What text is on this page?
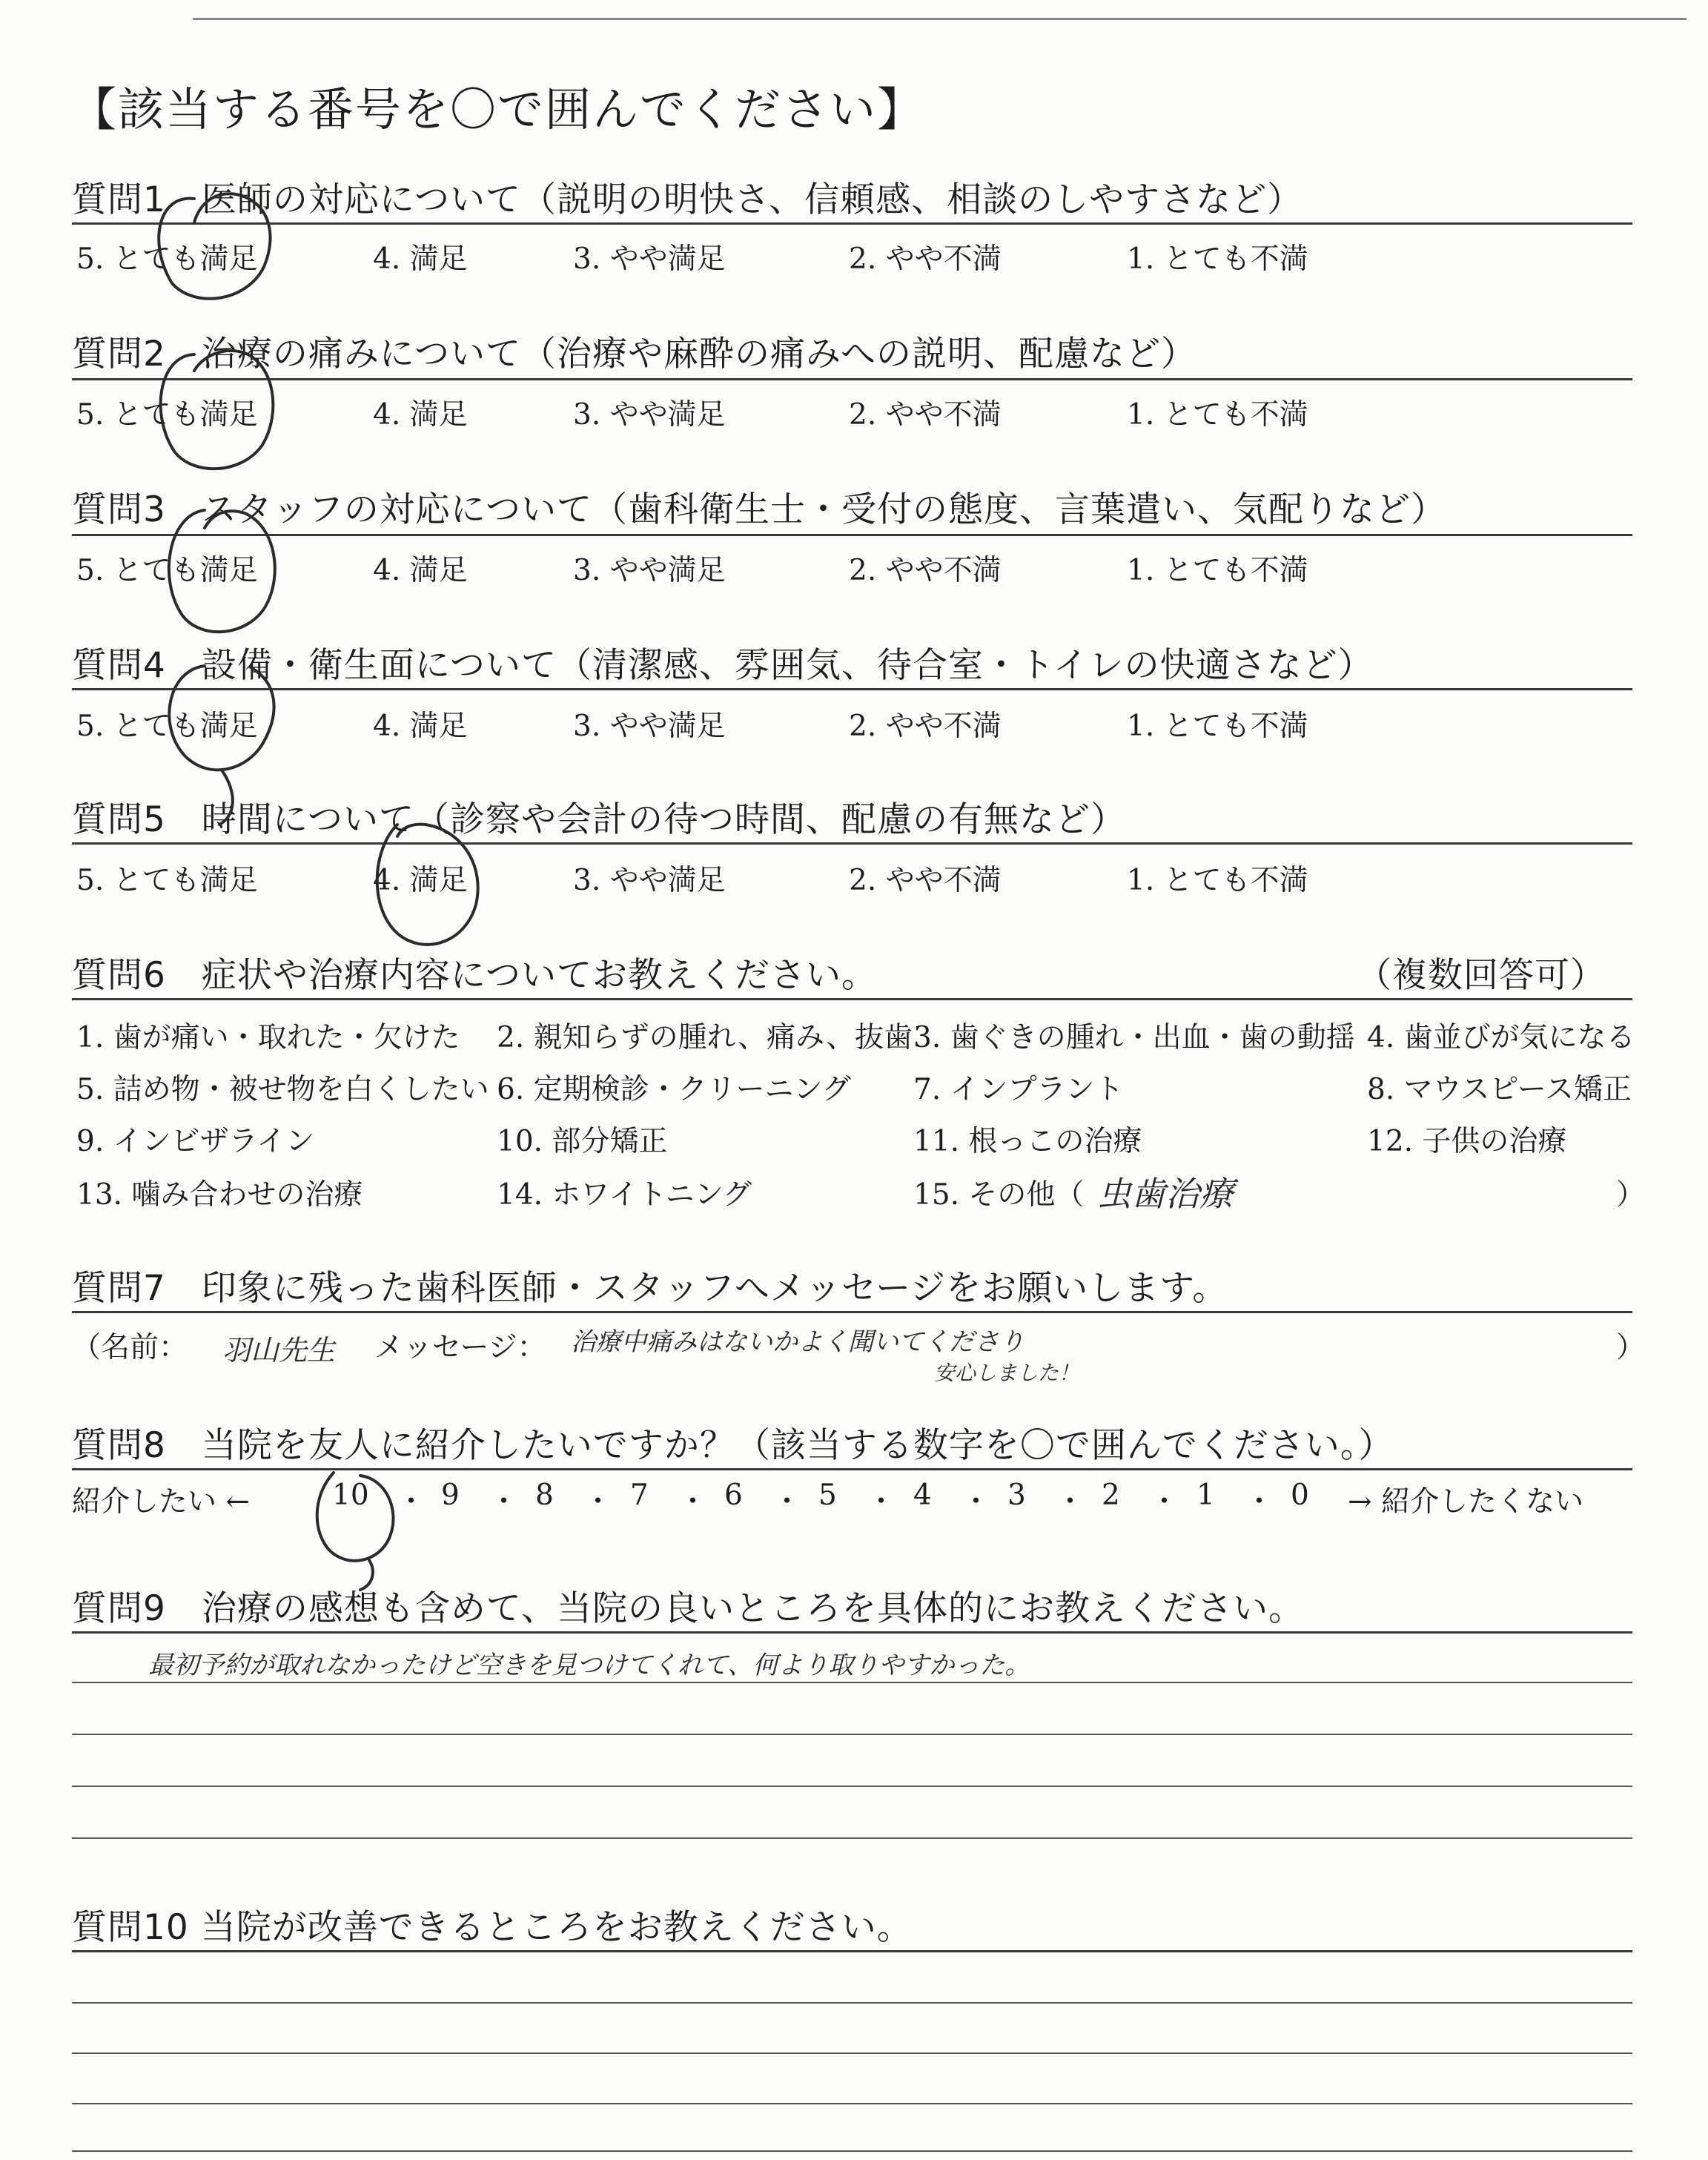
【該当する番号を〇で囲んでください】
質問1　医師の対応について（説明の明快さ、信頼感、相談のしやすさなど）
5. とても満足	4. 満足	3. やや満足	2. やや不満	1. とても不満
質問2　治療の痛みについて（治療や麻酔の痛みへの説明、配慮など）
5. とても満足	4. 満足	3. やや満足	2. やや不満	1. とても不満
質問3　スタッフの対応について（歯科衛生士・受付の態度、言葉遣い、気配りなど）
5. とても満足	4. 満足	3. やや満足	2. やや不満	1. とても不満
質問4　設備・衛生面について（清潔感、雰囲気、待合室・トイレの快適さなど）
5. とても満足	4. 満足	3. やや満足	2. やや不満	1. とても不満
質問5　時間について（診察や会計の待つ時間、配慮の有無など）
5. とても満足	4. 満足	3. やや満足	2. やや不満	1. とても不満
質問6　症状や治療内容についてお教えください。	（複数回答可）
1. 歯が痛い・取れた・欠けた 2. 親知らずの腫れ、痛み、抜歯 3. 歯ぐきの腫れ・出血・歯の動揺 4. 歯並びが気になる
5. 詰め物・被せ物を白くしたい 6. 定期検診・クリーニング 7. インプラント	8. マウスピース矯正
9. インビザライン	10. 部分矯正	11. 根っこの治療	12. 子供の治療
13. 噛み合わせの治療	14. ホワイトニング	15. その他（ 虫歯治療	）
質問7　印象に残った歯科医師・スタッフへメッセージをお願いします。
（名前： 羽山先生 メッセージ： 治療中痛みはないかよく聞いてくださり
安心しました！
）
質問8　当院を友人に紹介したいですか？（該当する数字を〇で囲んでください。）
紹介したい ←	10 ・ 9 ・ 8 ・ 7 ・ 6 ・ 5 ・ 4 ・ 3 ・ 2 ・ 1 ・ 0 → 紹介したくない
質問9　治療の感想も含めて、当院の良いところを具体的にお教えください。
最初予約が取れなかったけど空きを見つけてくれて、何より取りやすかった。
質問10 当院が改善できるところをお教えください。
